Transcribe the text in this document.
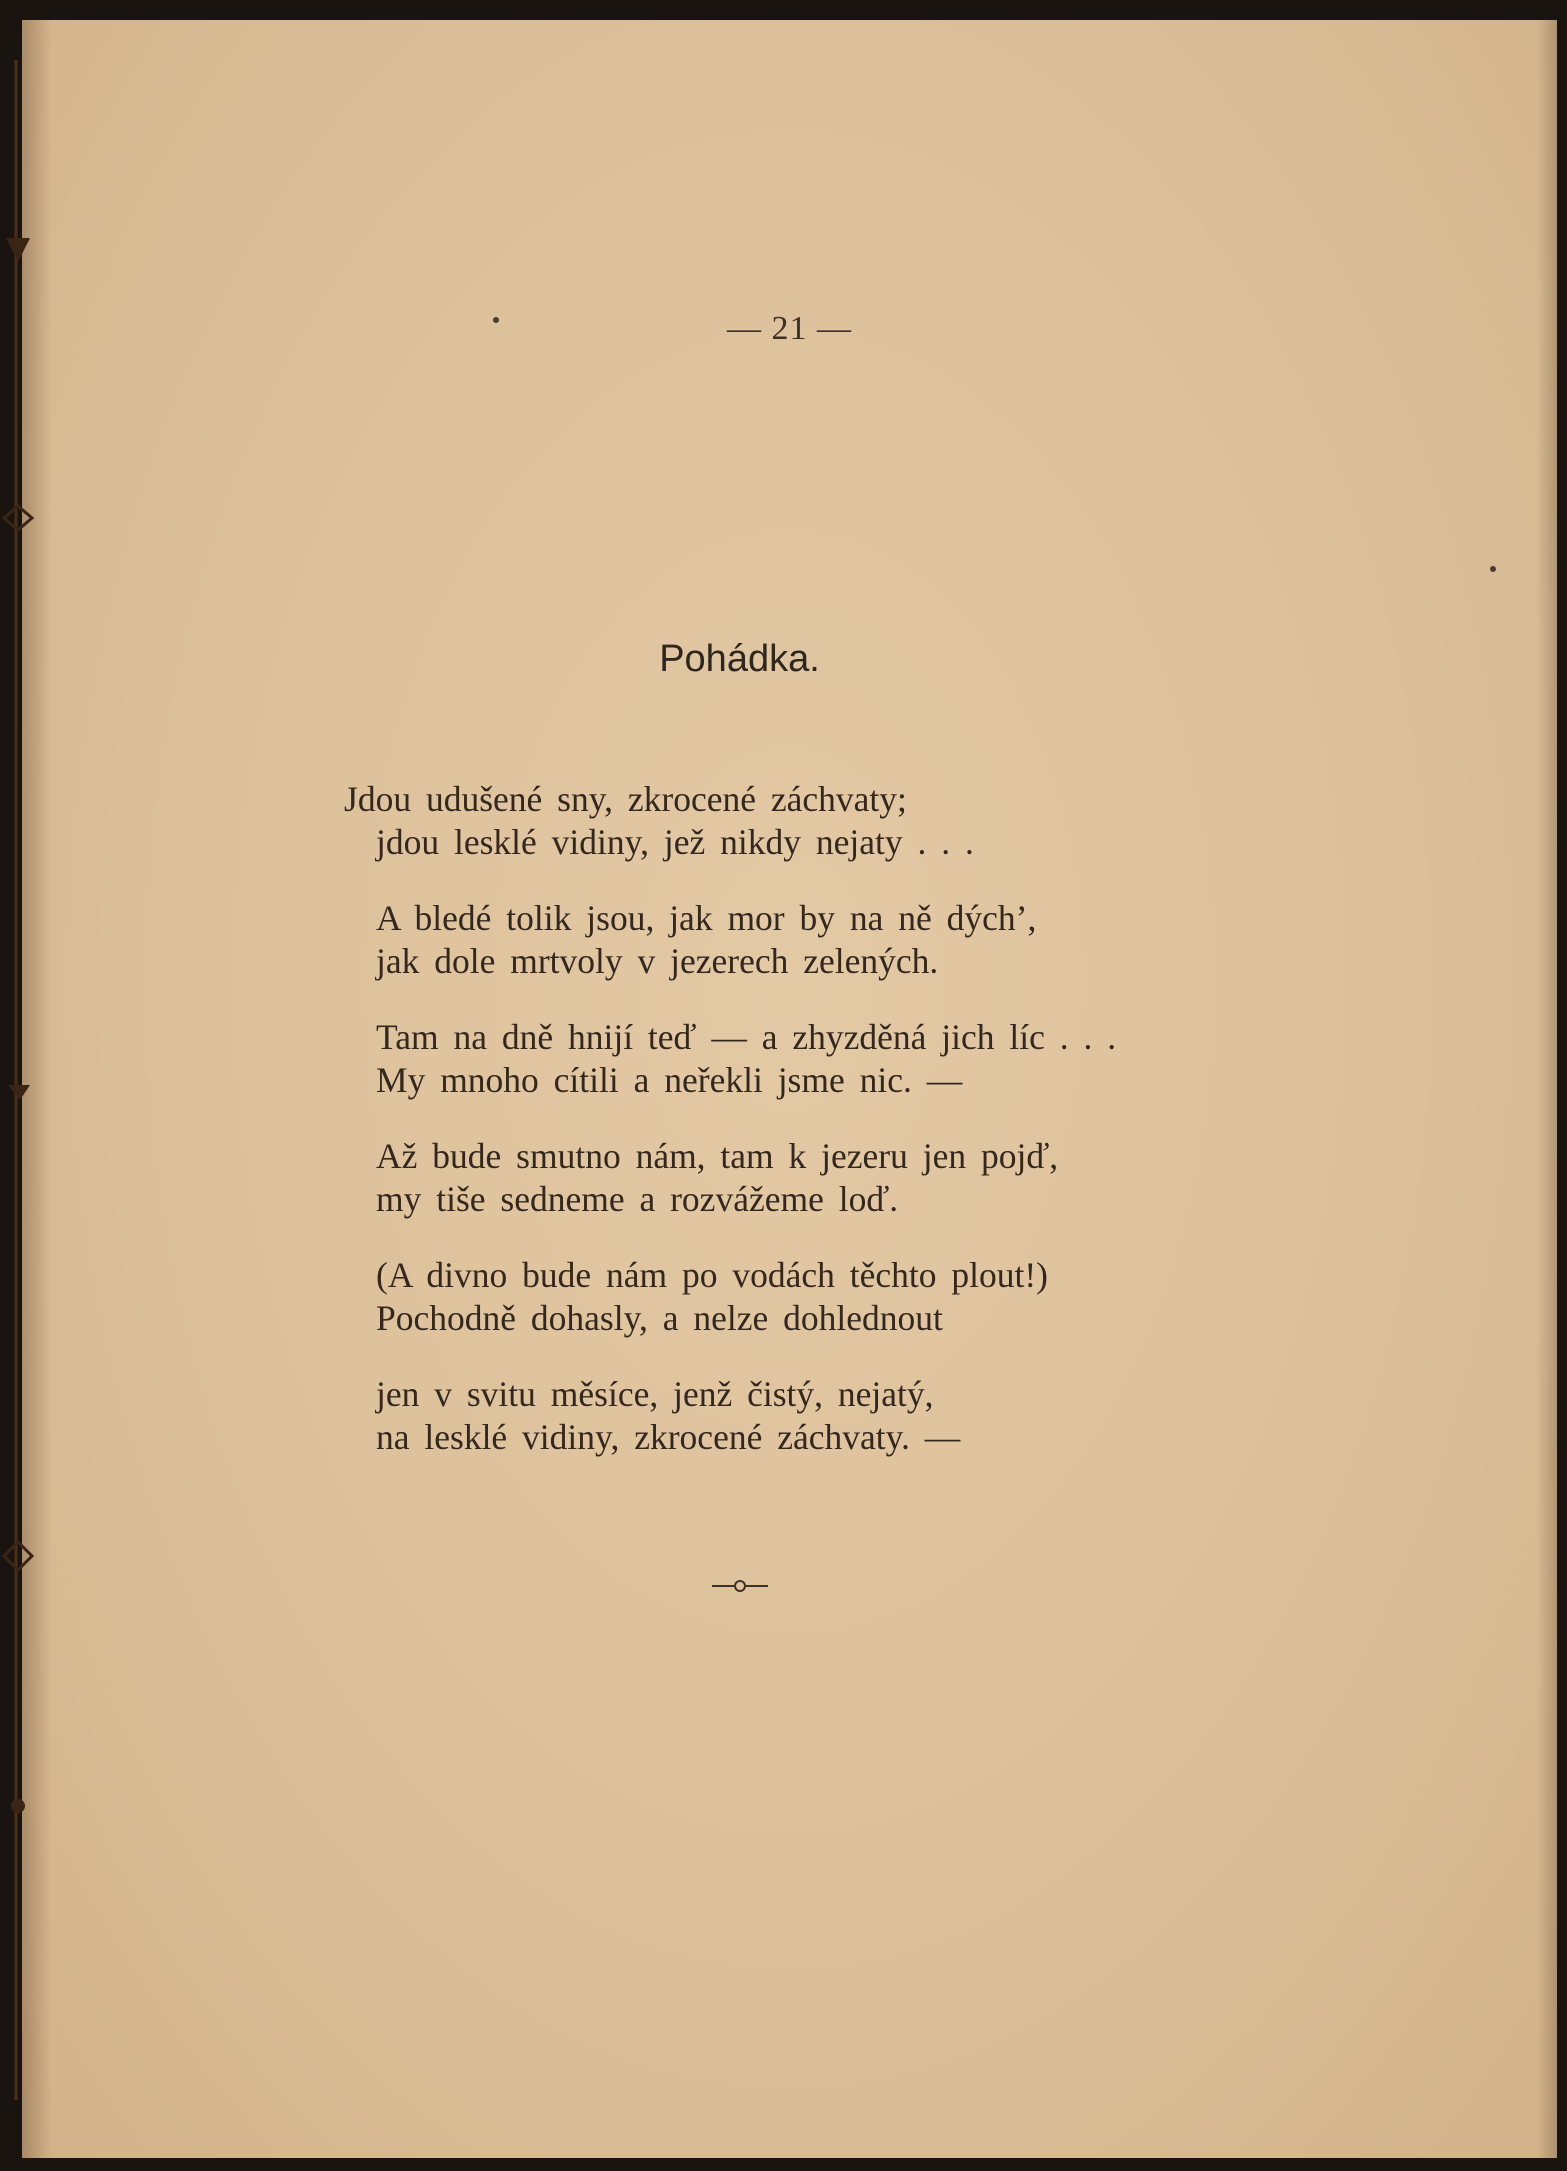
— 21 —
Pohádka.
Jdou udušené sny, zkrocené záchvaty;
jdou lesklé vidiny, jež nikdy nejaty . . .
A bledé tolik jsou, jak mor by na ně dých’,
jak dole mrtvoly v jezerech zelených.
Tam na dně hnijí teď — a zhyzděná jich líc . . .
My mnoho cítili a neřekli jsme nic. —
Až bude smutno nám, tam k jezeru jen pojď,
my tiše sedneme a rozvážeme loď.
(A divno bude nám po vodách těchto plout!)
Pochodně dohasly, a nelze dohlednout
jen v svitu měsíce, jenž čistý, nejatý,
na lesklé vidiny, zkrocené záchvaty. —
